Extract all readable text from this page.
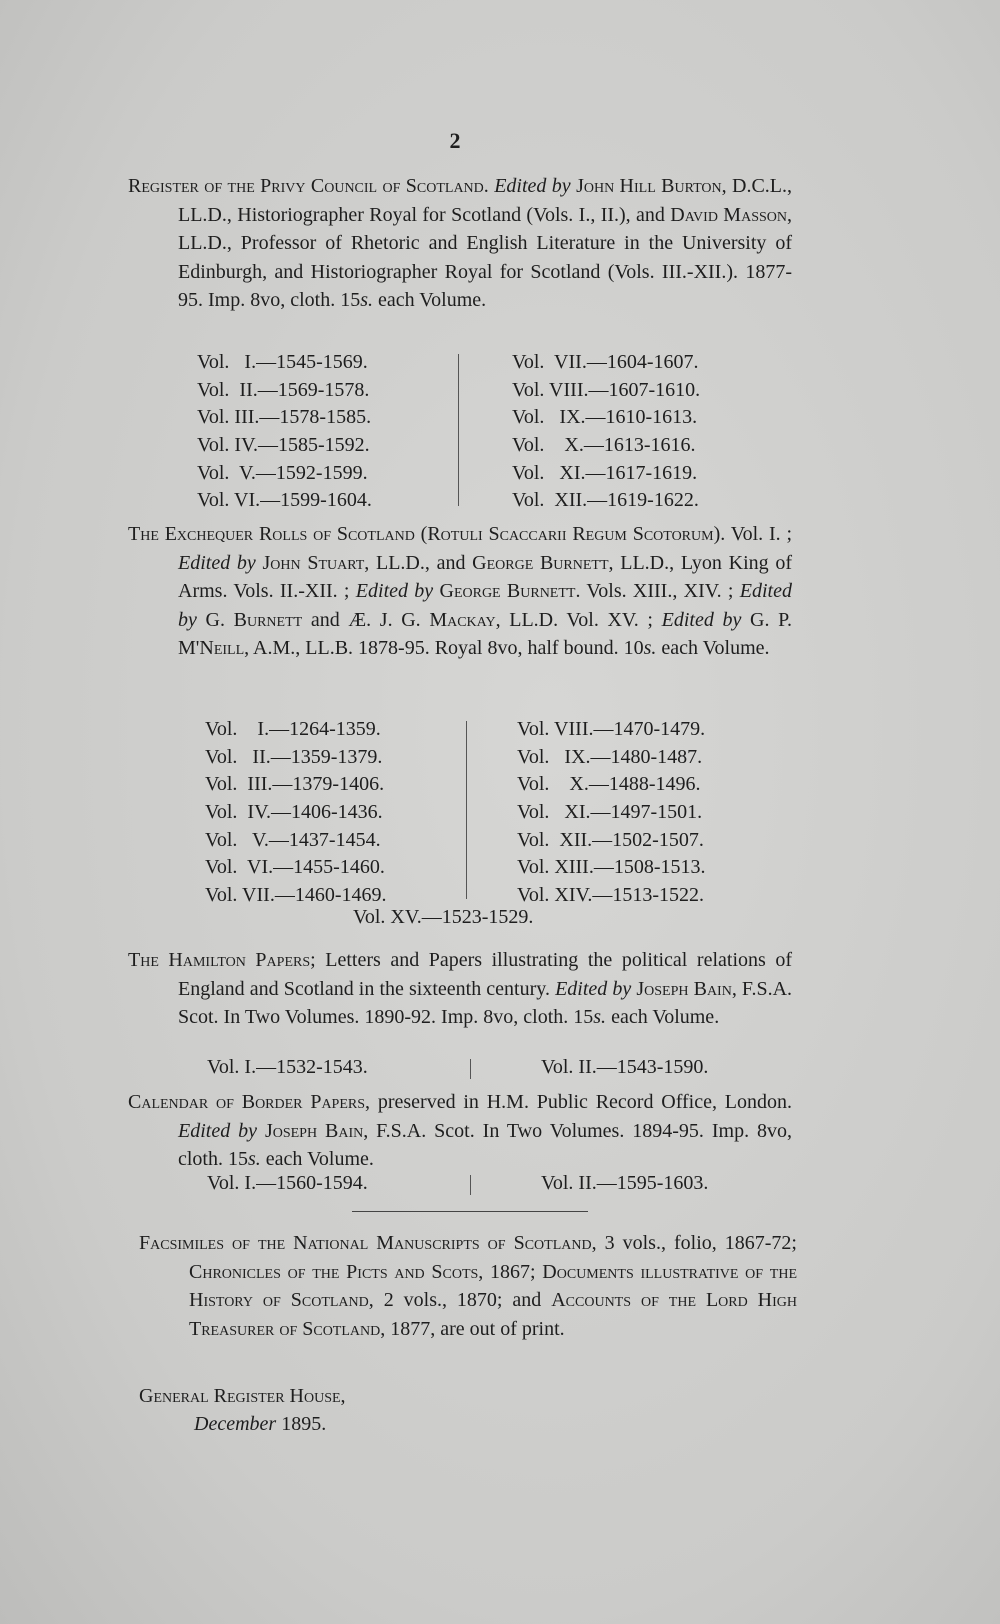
2

Register of the Privy Council of Scotland. Edited by John Hill Burton, D.C.L., LL.D., Historiographer Royal for Scotland (Vols. I., II.), and David Masson, LL.D., Professor of Rhetoric and English Literature in the University of Edinburgh, and Historiographer Royal for Scotland (Vols. III.-XII.). 1877-95. Imp. 8vo, cloth. 15s. each Volume.

Vol.   I.—1545-1569.
Vol.  II.—1569-1578.
Vol. III.—1578-1585.
Vol. IV.—1585-1592.
Vol.  V.—1592-1599.
Vol. VI.—1599-1604.
Vol.  VII.—1604-1607.
Vol. VIII.—1607-1610.
Vol.   IX.—1610-1613.
Vol.    X.—1613-1616.
Vol.   XI.—1617-1619.
Vol.  XII.—1619-1622.

The Exchequer Rolls of Scotland (Rotuli Scaccarii Regum Scotorum). Vol. I. ; Edited by John Stuart, LL.D., and George Burnett, LL.D., Lyon King of Arms. Vols. II.-XII. ; Edited by George Burnett. Vols. XIII., XIV. ; Edited by G. Burnett and Æ. J. G. Mackay, LL.D. Vol. XV. ; Edited by G. P. M'Neill, A.M., LL.B. 1878-95. Royal 8vo, half bound. 10s. each Volume.

Vol.    I.—1264-1359.
Vol.   II.—1359-1379.
Vol.  III.—1379-1406.
Vol.  IV.—1406-1436.
Vol.   V.—1437-1454.
Vol.  VI.—1455-1460.
Vol. VII.—1460-1469.
Vol. VIII.—1470-1479.
Vol.   IX.—1480-1487.
Vol.    X.—1488-1496.
Vol.   XI.—1497-1501.
Vol.  XII.—1502-1507.
Vol. XIII.—1508-1513.
Vol. XIV.—1513-1522.
Vol. XV.—1523-1529.

The Hamilton Papers; Letters and Papers illustrating the political relations of England and Scotland in the sixteenth century. Edited by Joseph Bain, F.S.A. Scot. In Two Volumes. 1890-92. Imp. 8vo, cloth. 15s. each Volume.

Vol. I.—1532-1543.	Vol. II.—1543-1590.

Calendar of Border Papers, preserved in H.M. Public Record Office, London. Edited by Joseph Bain, F.S.A. Scot. In Two Volumes. 1894-95. Imp. 8vo, cloth. 15s. each Volume.

Vol. I.—1560-1594.	Vol. II.—1595-1603.

Facsimiles of the National Manuscripts of Scotland, 3 vols., folio, 1867-72; Chronicles of the Picts and Scots, 1867; Documents illustrative of the History of Scotland, 2 vols., 1870; and Accounts of the Lord High Treasurer of Scotland, 1877, are out of print.

General Register House,
December 1895.
